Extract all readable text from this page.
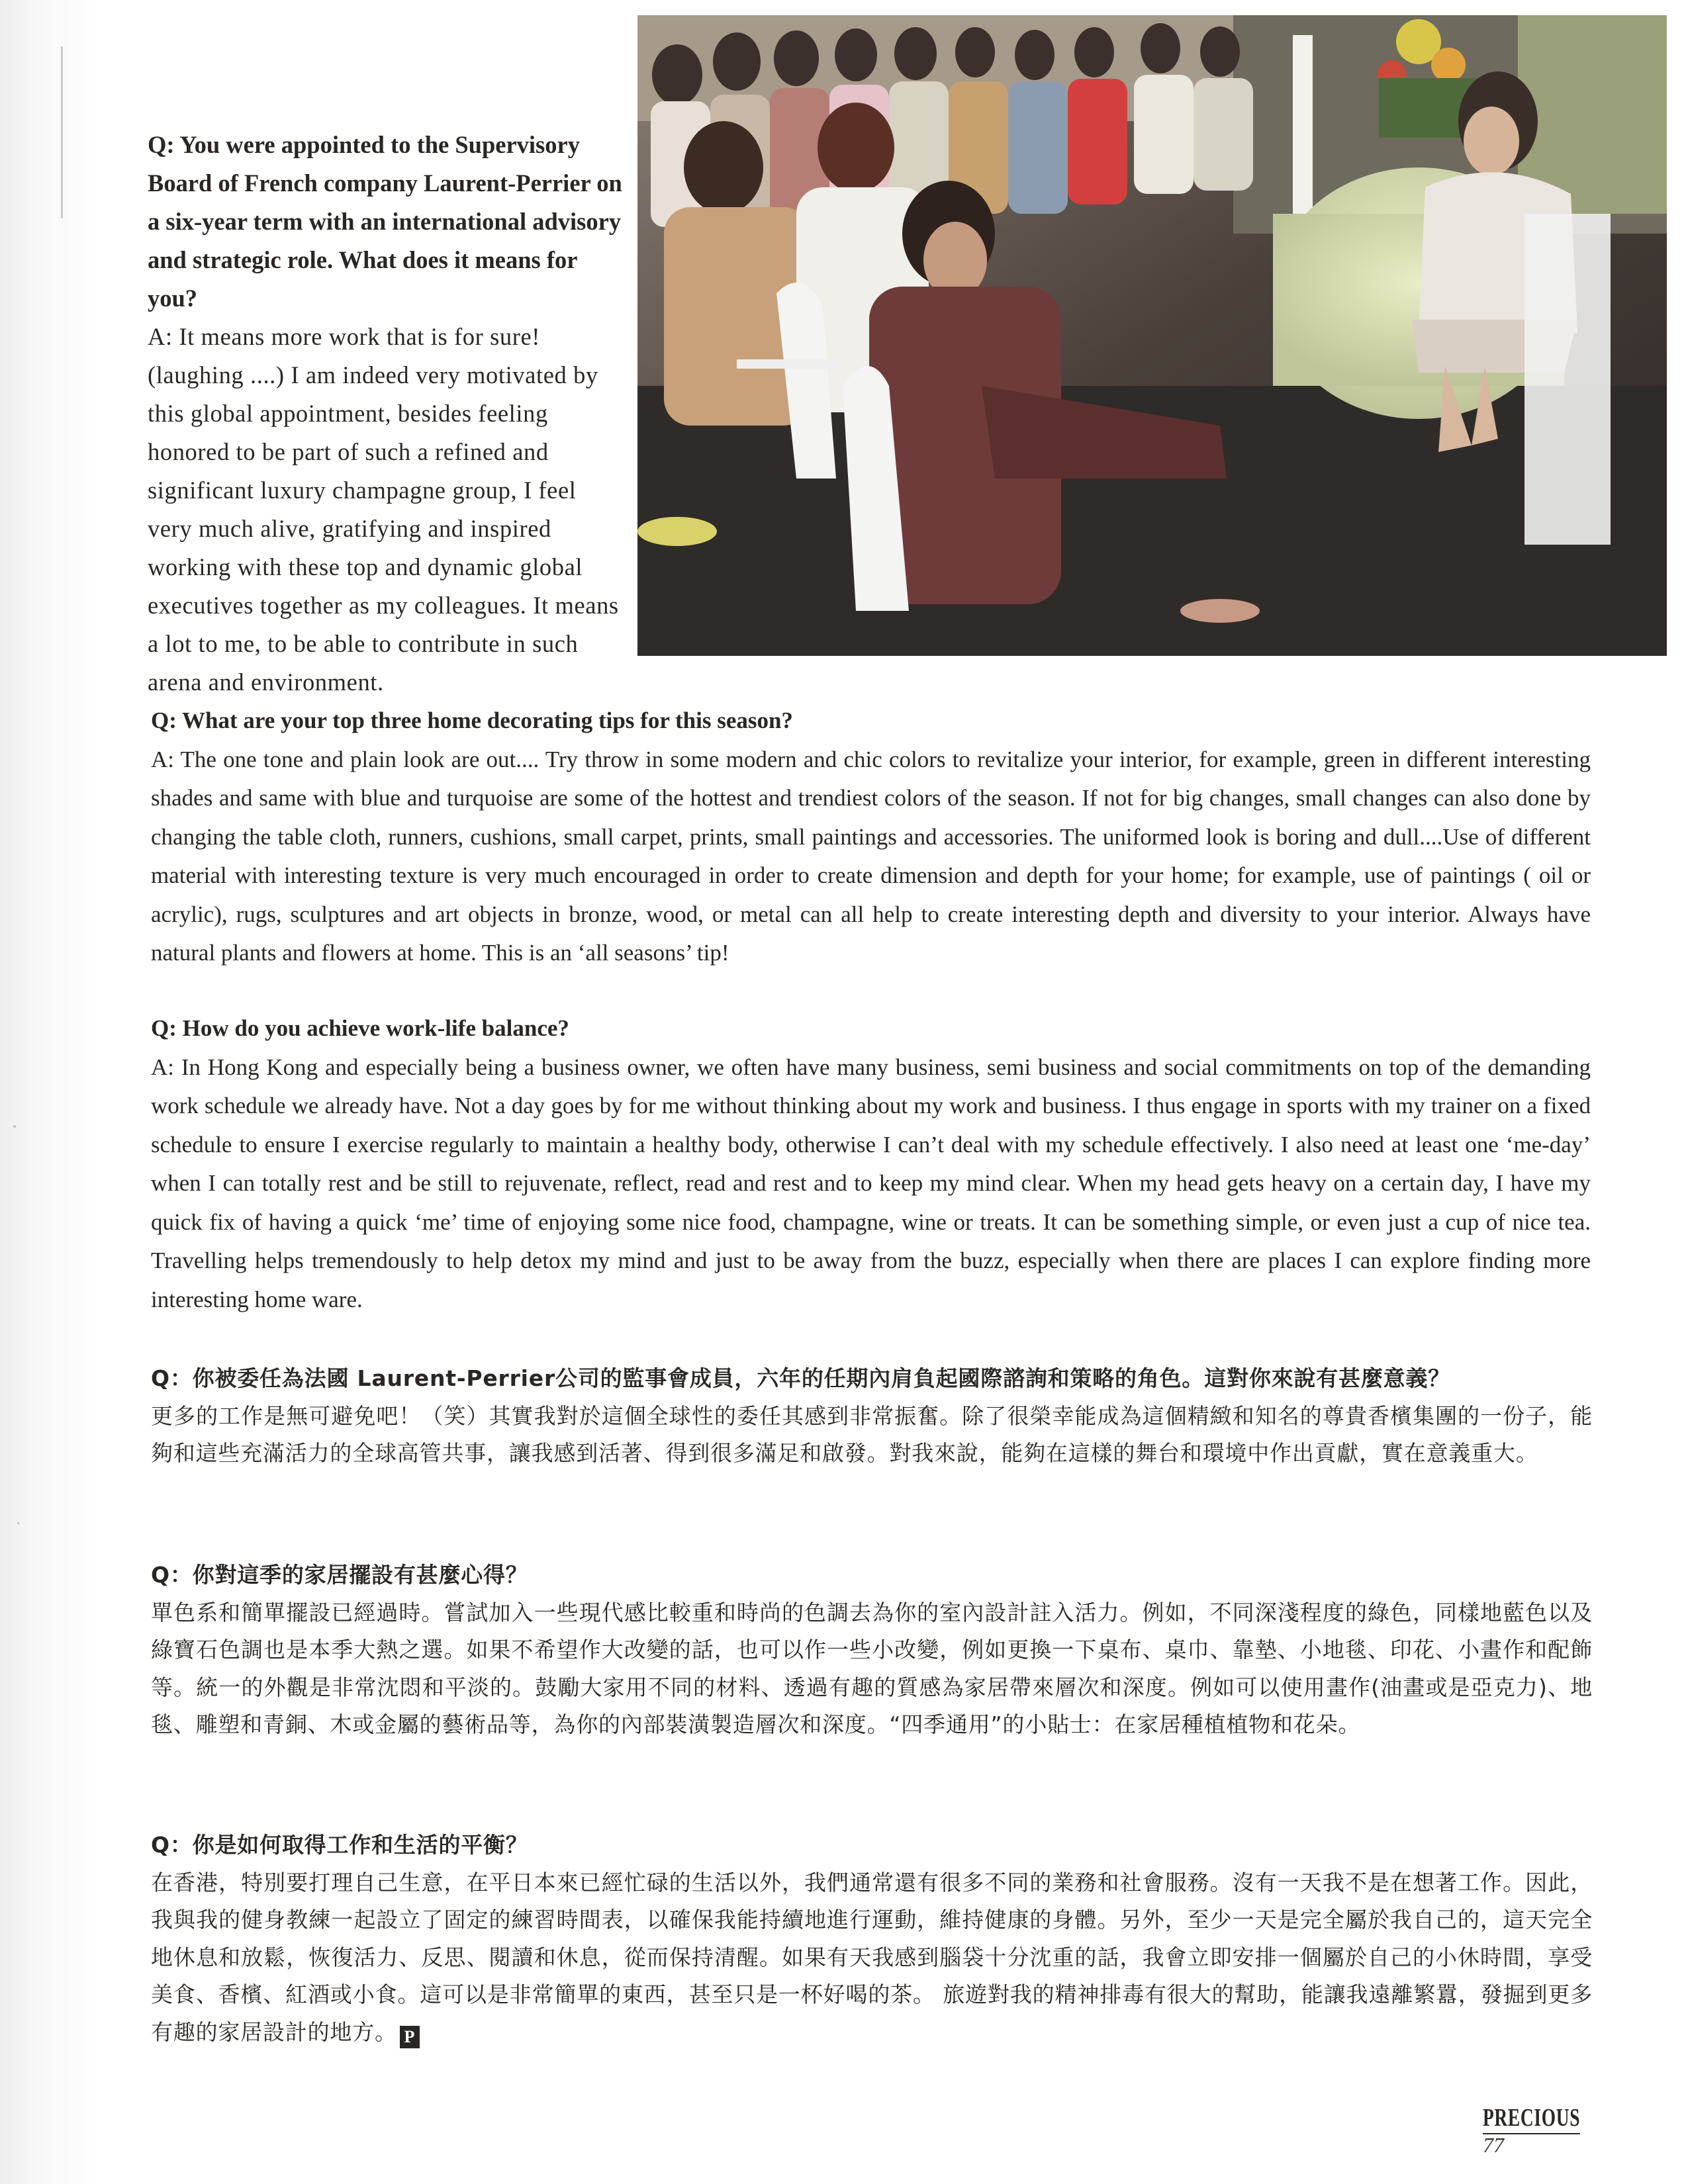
Q: You were appointed to the Supervisory Board of French company Laurent-Perrier on a six-year term with an international advisory and strategic role. What does it means for you?

A: It means more work that is for sure! (laughing ....) I am indeed very motivated by this global appointment, besides feeling honored to be part of such a refined and significant luxury champagne group, I feel very much alive, gratifying and inspired working with these top and dynamic global executives together as my colleagues. It means a lot to me, to be able to contribute in such arena and environment.

Q: What are your top three home decorating tips for this season?

A: The one tone and plain look are out.... Try throw in some modern and chic colors to revitalize your interior, for example, green in different interesting shades and same with blue and turquoise are some of the hottest and trendiest colors of the season. If not for big changes, small changes can also done by changing the table cloth, runners, cushions, small carpet, prints, small paintings and accessories. The uniformed look is boring and dull....Use of different material with interesting texture is very much encouraged in order to create dimension and depth for your home; for example, use of paintings ( oil or acrylic), rugs, sculptures and art objects in bronze, wood, or metal can all help to create interesting depth and diversity to your interior. Always have natural plants and flowers at home. This is an ‘all seasons’ tip!

Q: How do you achieve work-life balance?

A: In Hong Kong and especially being a business owner, we often have many business, semi business and social commitments on top of the demanding work schedule we already have. Not a day goes by for me without thinking about my work and business. I thus engage in sports with my trainer on a fixed schedule to ensure I exercise regularly to maintain a healthy body, otherwise I can’t deal with my schedule effectively. I also need at least one ‘me-day’ when I can totally rest and be still to rejuvenate, reflect, read and rest and to keep my mind clear. When my head gets heavy on a certain day, I have my quick fix of having a quick ‘me’ time of enjoying some nice food, champagne, wine or treats. It can be something simple, or even just a cup of nice tea. Travelling helps tremendously to help detox my mind and just to be away from the buzz, especially when there are places I can explore finding more interesting home ware.

Q：你被委任為法國 Laurent-Perrier公司的監事會成員，六年的任期內肩負起國際諮詢和策略的角色。這對你來說有甚麼意義？

更多的工作是無可避免吧！（笑）其實我對於這個全球性的委任其感到非常振奮。除了很榮幸能成為這個精緻和知名的尊貴香檳集團的一份子，能夠和這些充滿活力的全球高管共事，讓我感到活著、得到很多滿足和啟發。對我來說，能夠在這樣的舞台和環境中作出貢獻，實在意義重大。

Q：你對這季的家居擺設有甚麼心得？

單色系和簡單擺設已經過時。嘗試加入一些現代感比較重和時尚的色調去為你的室內設計註入活力。例如，不同深淺程度的綠色，同樣地藍色以及綠寶石色調也是本季大熱之選。如果不希望作大改變的話，也可以作一些小改變，例如更換一下桌布、桌巾、靠墊、小地毯、印花、小畫作和配飾等。統一的外觀是非常沈悶和平淡的。鼓勵大家用不同的材料、透過有趣的質感為家居帶來層次和深度。例如可以使用畫作(油畫或是亞克力)、地毯、雕塑和青銅、木或金屬的藝術品等，為你的內部裝潢製造層次和深度。“四季通用”的小貼士：在家居種植植物和花朵。

Q：你是如何取得工作和生活的平衡？

在香港，特別要打理自己生意，在平日本來已經忙碌的生活以外，我們通常還有很多不同的業務和社會服務。沒有一天我不是在想著工作。因此，我與我的健身教練一起設立了固定的練習時間表，以確保我能持續地進行運動，維持健康的身體。另外，至少一天是完全屬於我自己的，這天完全地休息和放鬆，恢復活力、反思、閱讀和休息，從而保持清醒。如果有天我感到腦袋十分沈重的話，我會立即安排一個屬於自己的小休時間，享受美食、香檳、紅酒或小食。這可以是非常簡單的東西，甚至只是一杯好喝的茶。 旅遊對我的精神排毒有很大的幫助，能讓我遠離繁囂，發掘到更多有趣的家居設計的地方。 P

PRECIOUS
77
